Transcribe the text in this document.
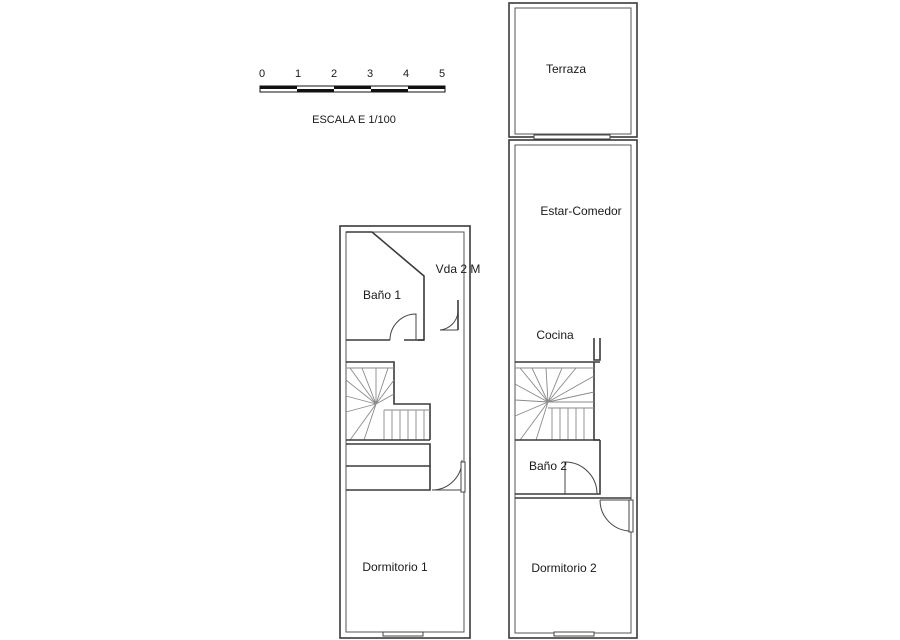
0	1	2	3	4	5
ESCALA E 1/100
Terraza
Estar-Comedor
Cocina
Baño 2
Dormitorio 2
Baño 1
Vda 2 M
Dormitorio 1
